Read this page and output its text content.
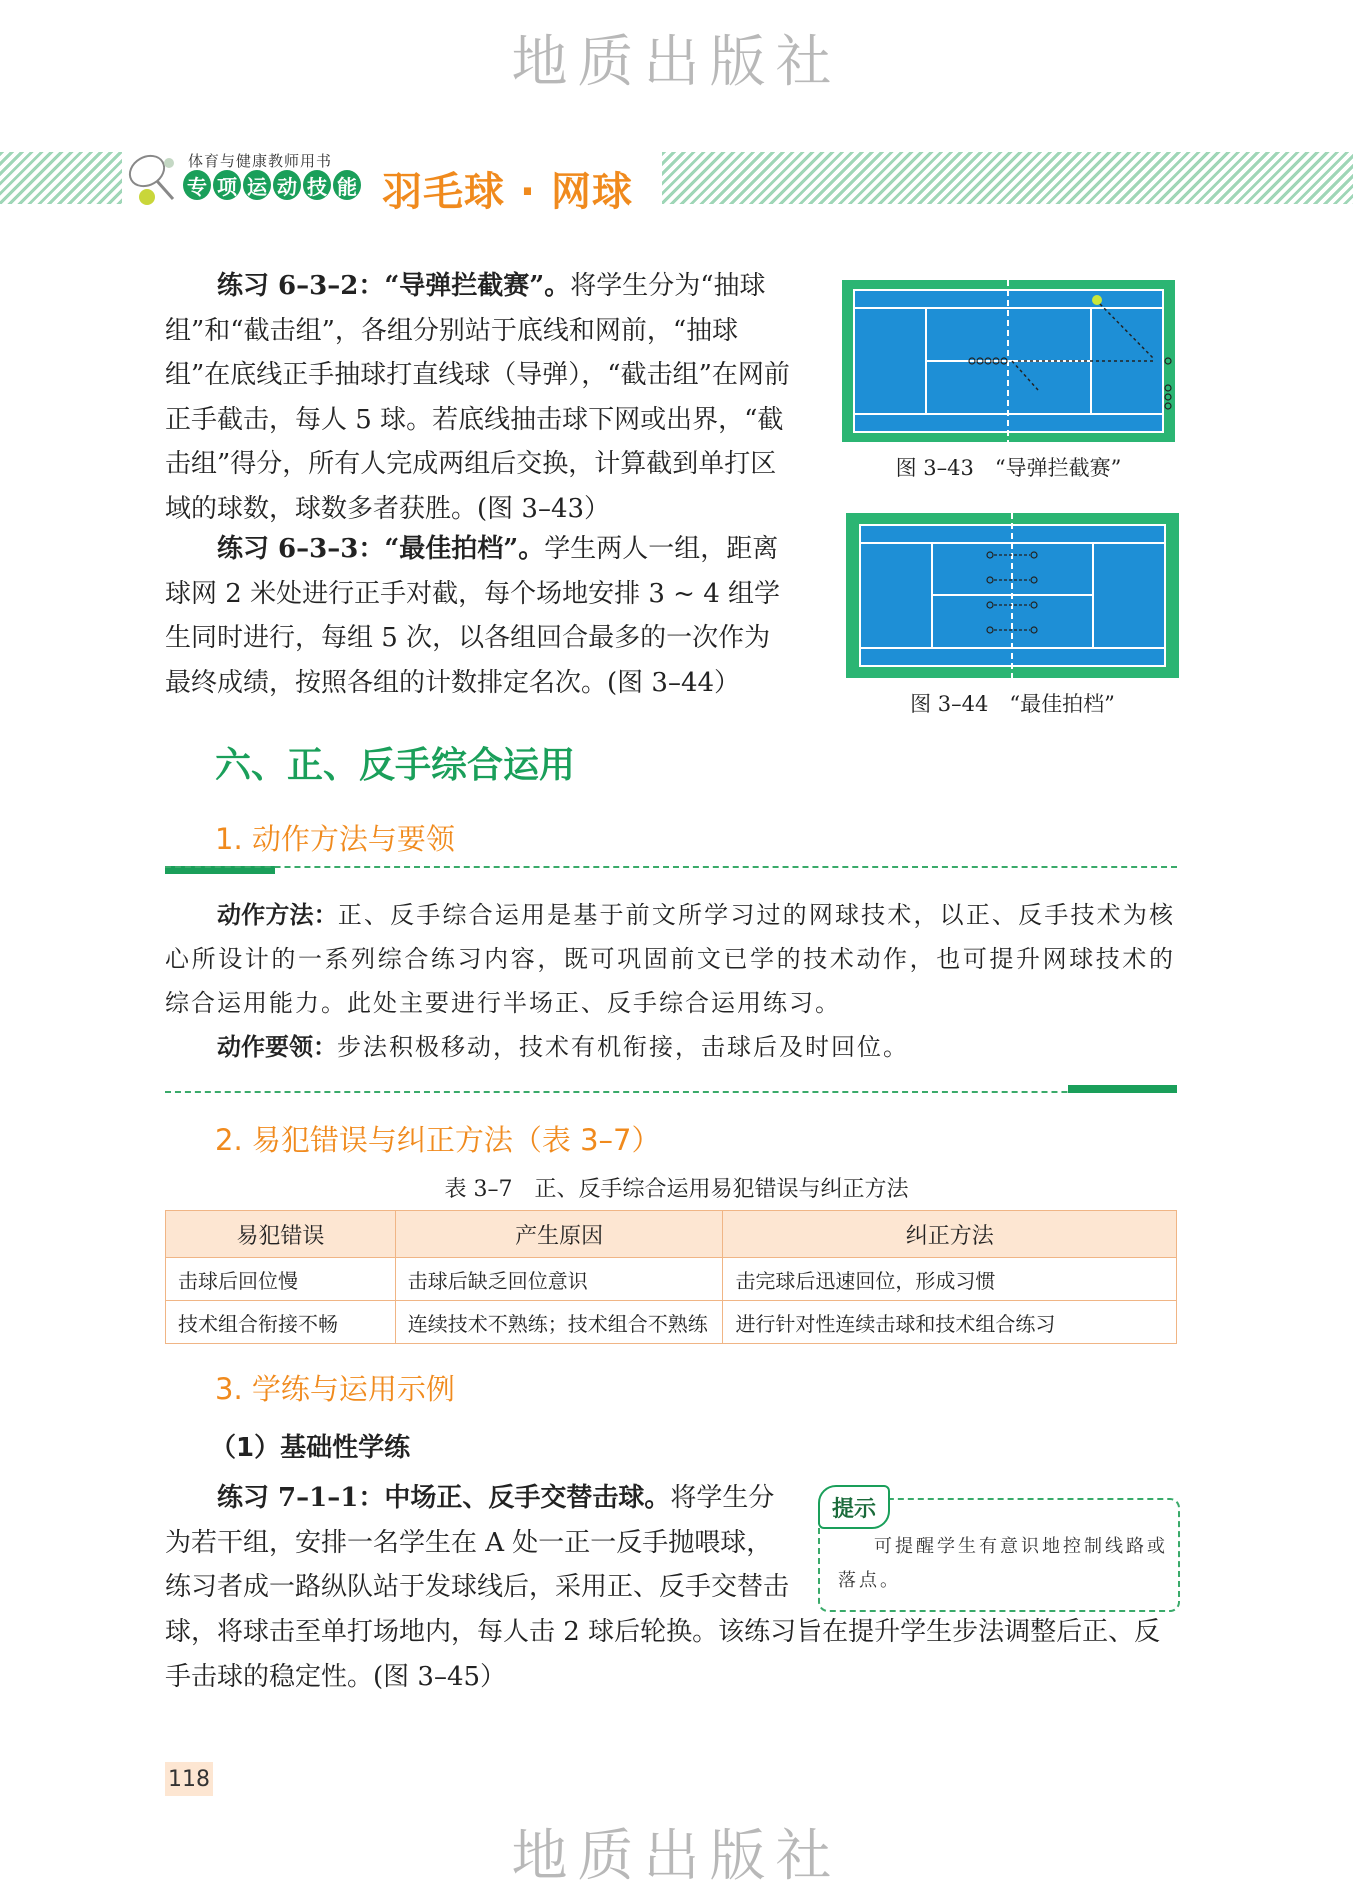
地质出版社
地质出版社
体育与健康教师用书
专 项 运 动 技 能 羽毛球 · 网球

练习 6–3–2：“导弹拦截赛”。将学生分为“抽球组”和“截击组”，各组分别站于底线和网前，“抽球组”在底线正手抽球打直线球（导弹），“截击组”在网前正手截击，每人 5 球。若底线抽击球下网或出界，“截击组”得分，所有人完成两组后交换，计算截到单打区域的球数，球数多者获胜。(图 3–43）

图 3–43　“导弹拦截赛”

练习 6–3–3：“最佳拍档”。学生两人一组，距离球网 2 米处进行正手对截，每个场地安排 3 ~ 4 组学生同时进行，每组 5 次，以各组回合最多的一次作为最终成绩，按照各组的计数排定名次。(图 3–44）

图 3–44　“最佳拍档”
六、正、反手综合运用
1. 动作方法与要领

动作方法：正、反手综合运用是基于前文所学习过的网球技术，以正、反手技术为核心所设计的一系列综合练习内容，既可巩固前文已学的技术动作，也可提升网球技术的综合运用能力。此处主要进行半场正、反手综合运用练习。

动作要领：步法积极移动，技术有机衔接，击球后及时回位。

2. 易犯错误与纠正方法（表 3–7）
表 3–7　正、反手综合运用易犯错误与纠正方法
易犯错误	产生原因	纠正方法
击球后回位慢	击球后缺乏回位意识	击完球后迅速回位，形成习惯
技术组合衔接不畅	连续技术不熟练；技术组合不熟练	进行针对性连续击球和技术组合练习
3. 学练与运用示例
（1）基础性学练

练习 7–1–1：中场正、反手交替击球。将学生分为若干组，安排一名学生在 A 处一正一反手抛喂球，练习者成一路纵队站于发球线后，采用正、反手交替击

球，将球击至单打场地内，每人击 2 球后轮换。该练习旨在提升学生步法调整后正、反手击球的稳定性。(图 3–45）

提示

可提醒学生有意识地控制线路或落点。

118
